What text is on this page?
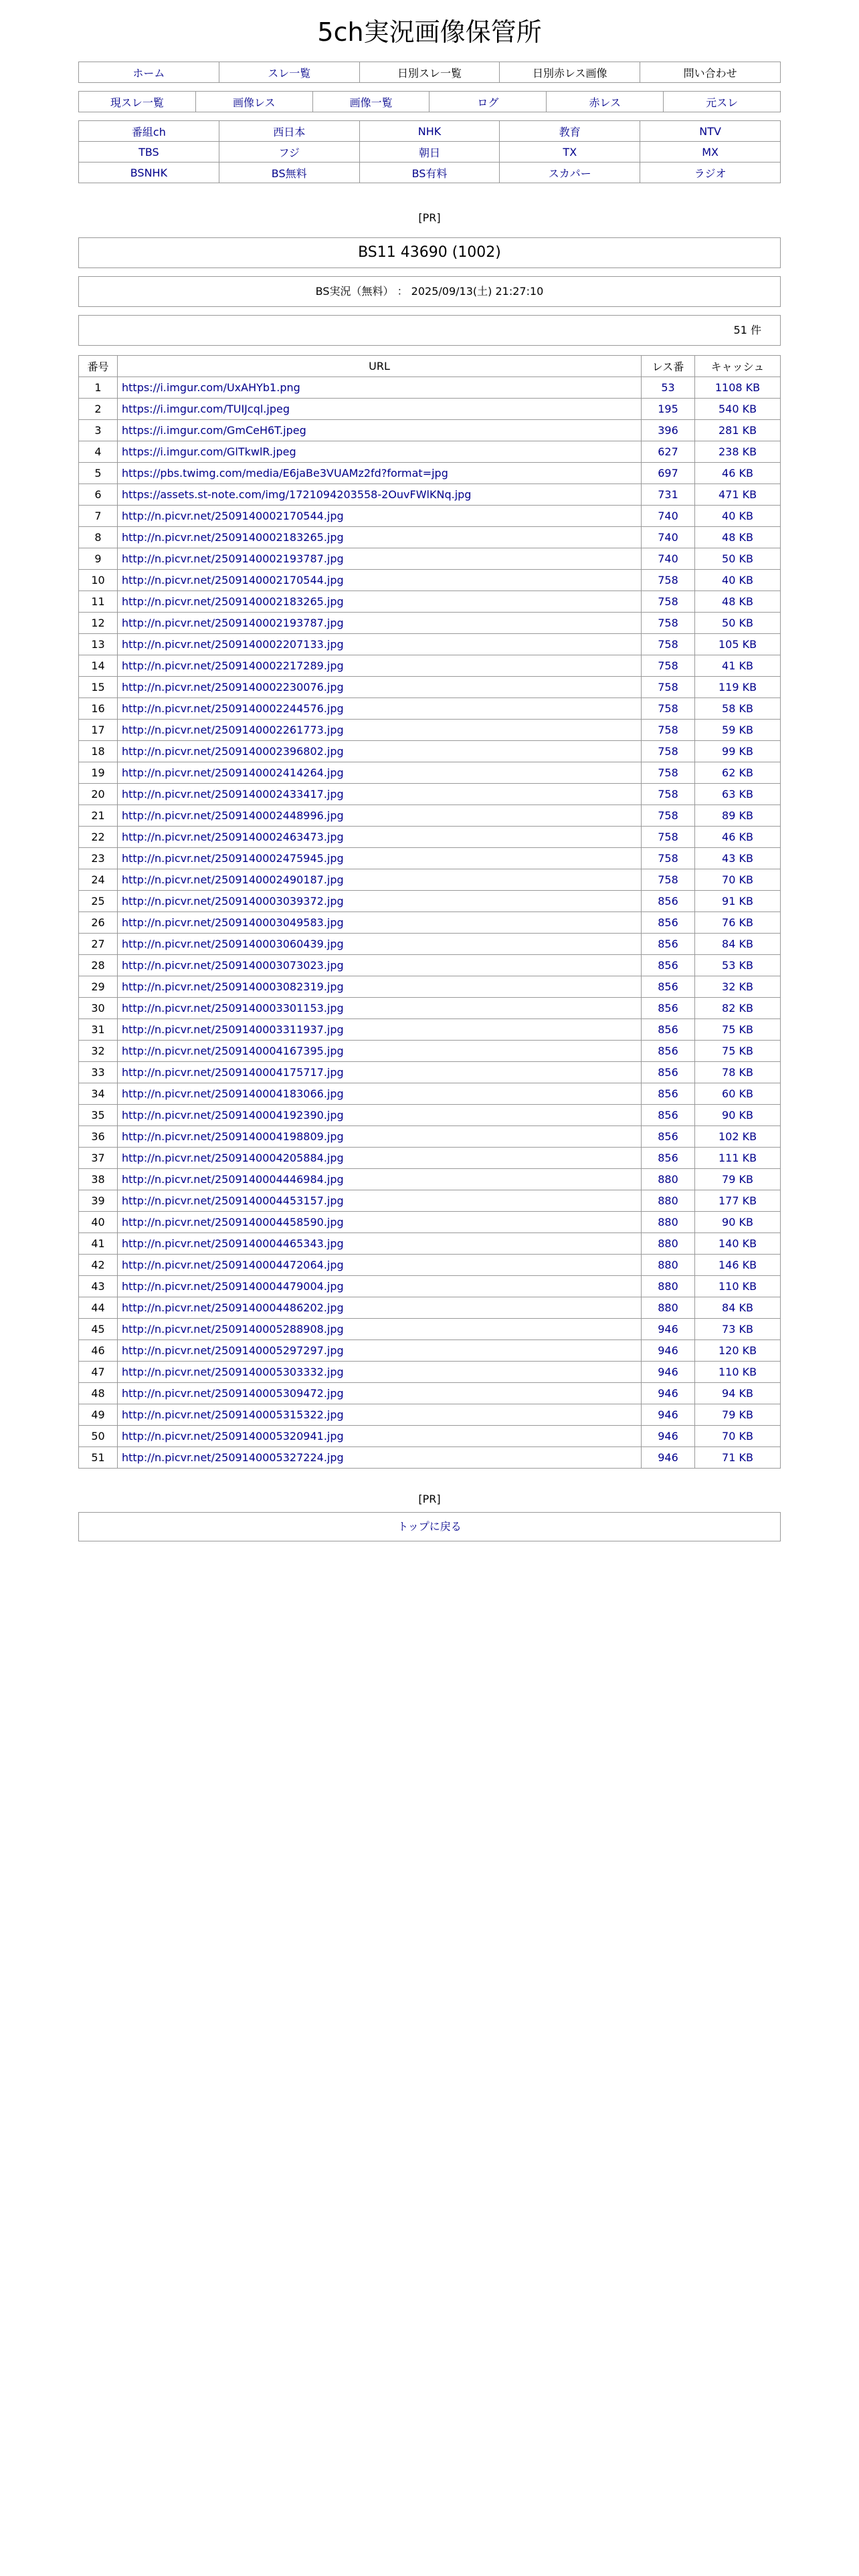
5ch実況画像保管所
ホーム	スレ一覧	日別スレ一覧	日別赤レス画像	問い合わせ
現スレ一覧	画像レス	画像一覧	ログ	赤レス	元スレ
番組ch	西日本	NHK	教育	NTV
TBS	フジ	朝日	TX	MX
BSNHK	BS無料	BS有料	スカパー	ラジオ
[PR]
BS11 43690 (1002)
BS実況（無料） ： 2025/09/13(土) 21:27:10
51 件
番号	URL	レス番	キャッシュ
1	https://i.imgur.com/UxAHYb1.png	53	1108 KB
2	https://i.imgur.com/TUIJcql.jpeg	195	540 KB
3	https://i.imgur.com/GmCeH6T.jpeg	396	281 KB
4	https://i.imgur.com/GlTkwlR.jpeg	627	238 KB
5	https://pbs.twimg.com/media/E6jaBe3VUAMz2fd?format=jpg	697	46 KB
6	https://assets.st-note.com/img/1721094203558-2OuvFWlKNq.jpg	731	471 KB
7	http://n.picvr.net/2509140002170544.jpg	740	40 KB
8	http://n.picvr.net/2509140002183265.jpg	740	48 KB
9	http://n.picvr.net/2509140002193787.jpg	740	50 KB
10	http://n.picvr.net/2509140002170544.jpg	758	40 KB
11	http://n.picvr.net/2509140002183265.jpg	758	48 KB
12	http://n.picvr.net/2509140002193787.jpg	758	50 KB
13	http://n.picvr.net/2509140002207133.jpg	758	105 KB
14	http://n.picvr.net/2509140002217289.jpg	758	41 KB
15	http://n.picvr.net/2509140002230076.jpg	758	119 KB
16	http://n.picvr.net/2509140002244576.jpg	758	58 KB
17	http://n.picvr.net/2509140002261773.jpg	758	59 KB
18	http://n.picvr.net/2509140002396802.jpg	758	99 KB
19	http://n.picvr.net/2509140002414264.jpg	758	62 KB
20	http://n.picvr.net/2509140002433417.jpg	758	63 KB
21	http://n.picvr.net/2509140002448996.jpg	758	89 KB
22	http://n.picvr.net/2509140002463473.jpg	758	46 KB
23	http://n.picvr.net/2509140002475945.jpg	758	43 KB
24	http://n.picvr.net/2509140002490187.jpg	758	70 KB
25	http://n.picvr.net/2509140003039372.jpg	856	91 KB
26	http://n.picvr.net/2509140003049583.jpg	856	76 KB
27	http://n.picvr.net/2509140003060439.jpg	856	84 KB
28	http://n.picvr.net/2509140003073023.jpg	856	53 KB
29	http://n.picvr.net/2509140003082319.jpg	856	32 KB
30	http://n.picvr.net/2509140003301153.jpg	856	82 KB
31	http://n.picvr.net/2509140003311937.jpg	856	75 KB
32	http://n.picvr.net/2509140004167395.jpg	856	75 KB
33	http://n.picvr.net/2509140004175717.jpg	856	78 KB
34	http://n.picvr.net/2509140004183066.jpg	856	60 KB
35	http://n.picvr.net/2509140004192390.jpg	856	90 KB
36	http://n.picvr.net/2509140004198809.jpg	856	102 KB
37	http://n.picvr.net/2509140004205884.jpg	856	111 KB
38	http://n.picvr.net/2509140004446984.jpg	880	79 KB
39	http://n.picvr.net/2509140004453157.jpg	880	177 KB
40	http://n.picvr.net/2509140004458590.jpg	880	90 KB
41	http://n.picvr.net/2509140004465343.jpg	880	140 KB
42	http://n.picvr.net/2509140004472064.jpg	880	146 KB
43	http://n.picvr.net/2509140004479004.jpg	880	110 KB
44	http://n.picvr.net/2509140004486202.jpg	880	84 KB
45	http://n.picvr.net/2509140005288908.jpg	946	73 KB
46	http://n.picvr.net/2509140005297297.jpg	946	120 KB
47	http://n.picvr.net/2509140005303332.jpg	946	110 KB
48	http://n.picvr.net/2509140005309472.jpg	946	94 KB
49	http://n.picvr.net/2509140005315322.jpg	946	79 KB
50	http://n.picvr.net/2509140005320941.jpg	946	70 KB
51	http://n.picvr.net/2509140005327224.jpg	946	71 KB
[PR]
トップに戻る
